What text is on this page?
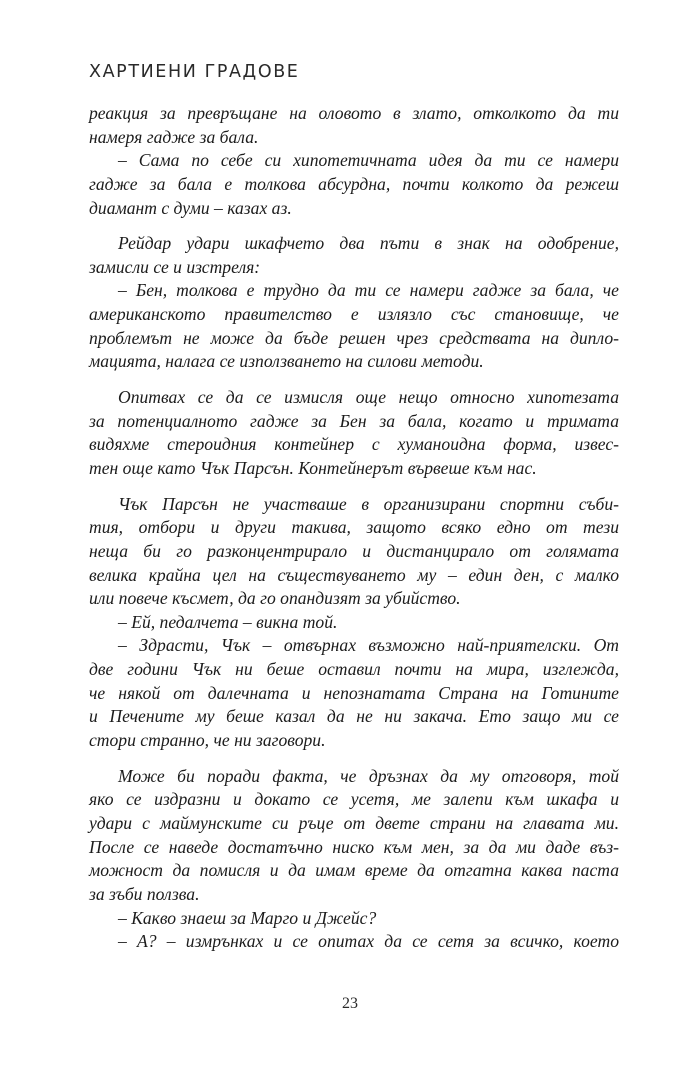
ХАРТИЕНИ ГРАДОВЕ
реакция за превръщане на оловото в злато, отколкото да ти
намеря гадже за бала.
– Сама по себе си хипотетичната идея да ти се намери
гадже за бала е толкова абсурдна, почти колкото да режеш
диамант с думи – казах аз.
Рейдар удари шкафчето два пъти в знак на одобрение,
замисли се и изстреля:
– Бен, толкова е трудно да ти се намери гадже за бала, че
американското правителство е излязло със становище, че
проблемът не може да бъде решен чрез средствата на дипло-
мацията, налага се използването на силови методи.
Опитвах се да се измисля още нещо относно хипотезата
за потенциалното гадже за Бен за бала, когато и тримата
видяхме стероидния контейнер с хуманоидна форма, извес-
тен още като Чък Парсън. Контейнерът вървеше към нас.
Чък Парсън не участваше в организирани спортни съби-
тия, отбори и други такива, защото всяко едно от тези
неща би го разконцентрирало и дистанцирало от голямата
велика крайна цел на съществуването му – един ден, с малко
или повече късмет, да го опандизят за убийство.
– Ей, педалчета – викна той.
– Здрасти, Чък – отвърнах възможно най-приятелски. От
две години Чък ни беше оставил почти на мира, изглежда,
че някой от далечната и непознатата Страна на Готините
и Печените му беше казал да не ни закача. Ето защо ми се
стори странно, че ни заговори.
Може би поради факта, че дръзнах да му отговоря, той
яко се издразни и докато се усетя, ме залепи към шкафа и
удари с маймунските си ръце от двете страни на главата ми.
После се наведе достатъчно ниско към мен, за да ми даде въз-
можност да помисля и да имам време да отгатна каква паста
за зъби ползва.
– Какво знаеш за Марго и Джейс?
– А? – измрънках и се опитах да се сетя за всичко, което
23
